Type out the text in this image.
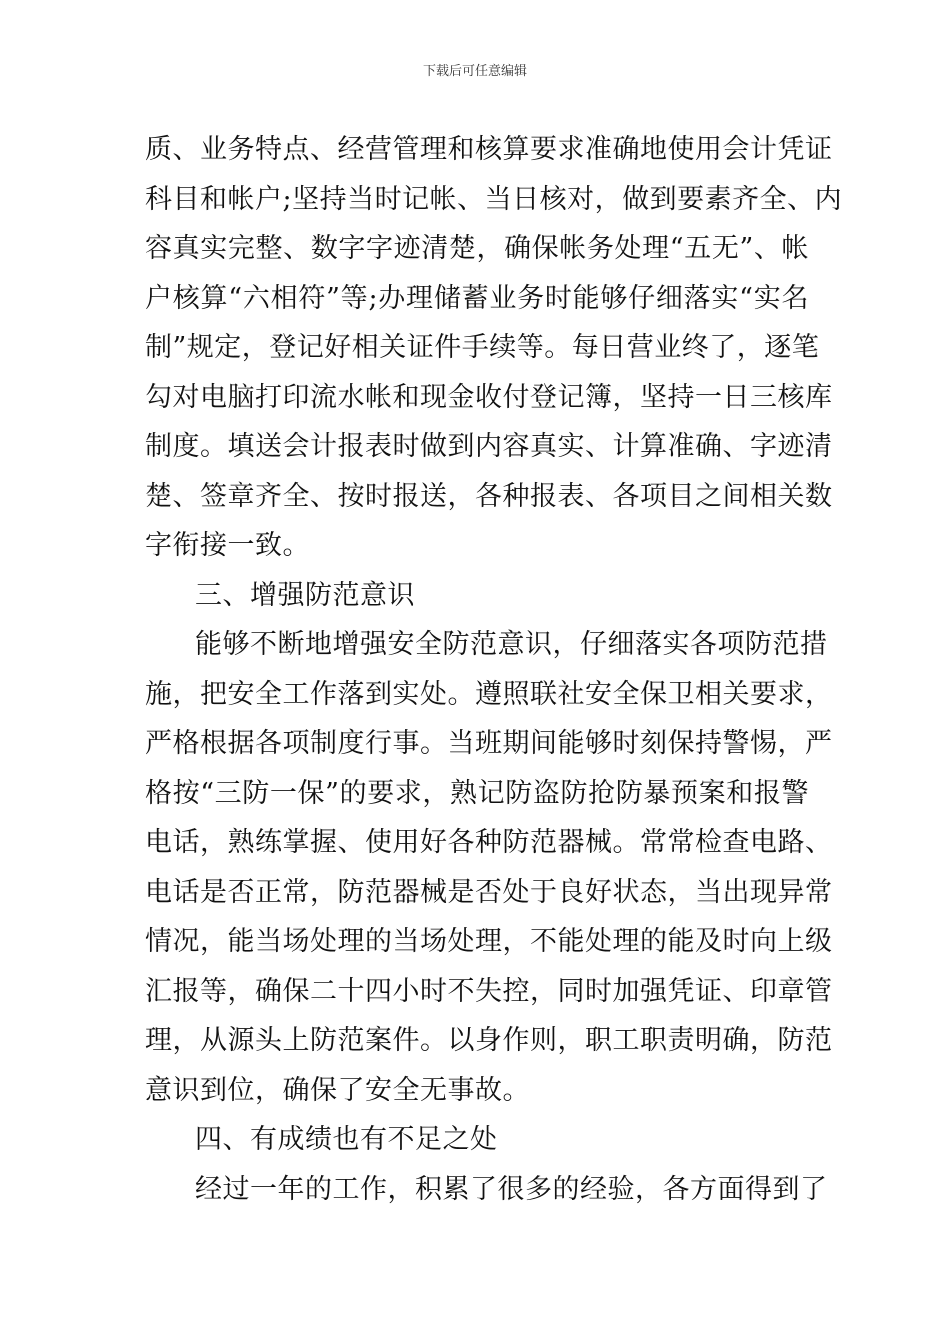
下载后可任意编辑
质、业务特点、经营管理和核算要求准确地使用会计凭证
科目和帐户;坚持当时记帐、当日核对，做到要素齐全、内
容真实完整、数字字迹清楚，确保帐务处理“五无”、帐
户核算“六相符”等;办理储蓄业务时能够仔细落实“实名
制”规定，登记好相关证件手续等。每日营业终了，逐笔
勾对电脑打印流水帐和现金收付登记簿，坚持一日三核库
制度。填送会计报表时做到内容真实、计算准确、字迹清
楚、签章齐全、按时报送，各种报表、各项目之间相关数
字衔接一致。
三、增强防范意识
能够不断地增强安全防范意识，仔细落实各项防范措
施，把安全工作落到实处。遵照联社安全保卫相关要求，
严格根据各项制度行事。当班期间能够时刻保持警惕，严
格按“三防一保”的要求，熟记防盗防抢防暴预案和报警
电话，熟练掌握、使用好各种防范器械。常常检查电路、
电话是否正常，防范器械是否处于良好状态，当出现异常
情况，能当场处理的当场处理，不能处理的能及时向上级
汇报等，确保二十四小时不失控，同时加强凭证、印章管
理，从源头上防范案件。以身作则，职工职责明确，防范
意识到位，确保了安全无事故。
四、有成绩也有不足之处
经过一年的工作，积累了很多的经验，各方面得到了
